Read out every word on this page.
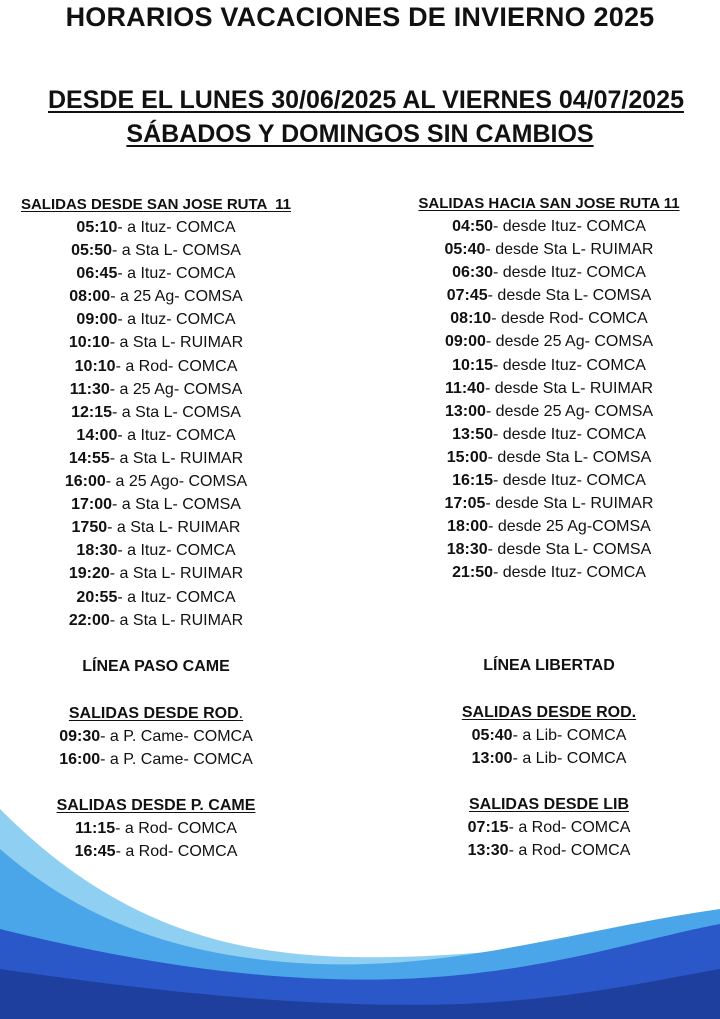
HORARIOS VACACIONES DE INVIERNO 2025
DESDE EL LUNES 30/06/2025 AL VIERNES 04/07/2025
SÁBADOS Y DOMINGOS SIN CAMBIOS
SALIDAS DESDE SAN JOSE RUTA  11
05:10- a Ituz- COMCA
05:50- a Sta L- COMSA
06:45- a Ituz- COMCA
08:00- a 25 Ag- COMSA
09:00- a Ituz- COMCA
10:10- a Sta L- RUIMAR
10:10- a Rod- COMCA
11:30- a 25 Ag- COMSA
12:15- a Sta L- COMSA
14:00- a Ituz- COMCA
14:55- a Sta L- RUIMAR
16:00- a 25 Ago- COMSA
17:00- a Sta L- COMSA
1750- a Sta L- RUIMAR
18:30- a Ituz- COMCA
19:20- a Sta L- RUIMAR
20:55- a Ituz- COMCA
22:00- a Sta L- RUIMAR
SALIDAS HACIA SAN JOSE RUTA 11
04:50- desde Ituz- COMCA
05:40- desde Sta L- RUIMAR
06:30- desde Ituz- COMCA
07:45- desde Sta L- COMSA
08:10- desde Rod- COMCA
09:00- desde 25 Ag- COMSA
10:15- desde Ituz- COMCA
11:40- desde Sta L- RUIMAR
13:00- desde 25 Ag- COMSA
13:50- desde Ituz- COMCA
15:00- desde Sta L- COMSA
16:15- desde Ituz- COMCA
17:05- desde Sta L- RUIMAR
18:00- desde 25 Ag-COMSA
18:30- desde Sta L- COMSA
21:50- desde Ituz- COMCA
LÍNEA PASO CAME
SALIDAS DESDE ROD.
09:30- a P. Came- COMCA
16:00- a P. Came- COMCA
SALIDAS DESDE P. CAME
11:15- a Rod- COMCA
16:45- a Rod- COMCA
LÍNEA LIBERTAD
SALIDAS DESDE ROD.
05:40- a Lib- COMCA
13:00- a Lib- COMCA
SALIDAS DESDE LIB
07:15- a Rod- COMCA
13:30- a Rod- COMCA
